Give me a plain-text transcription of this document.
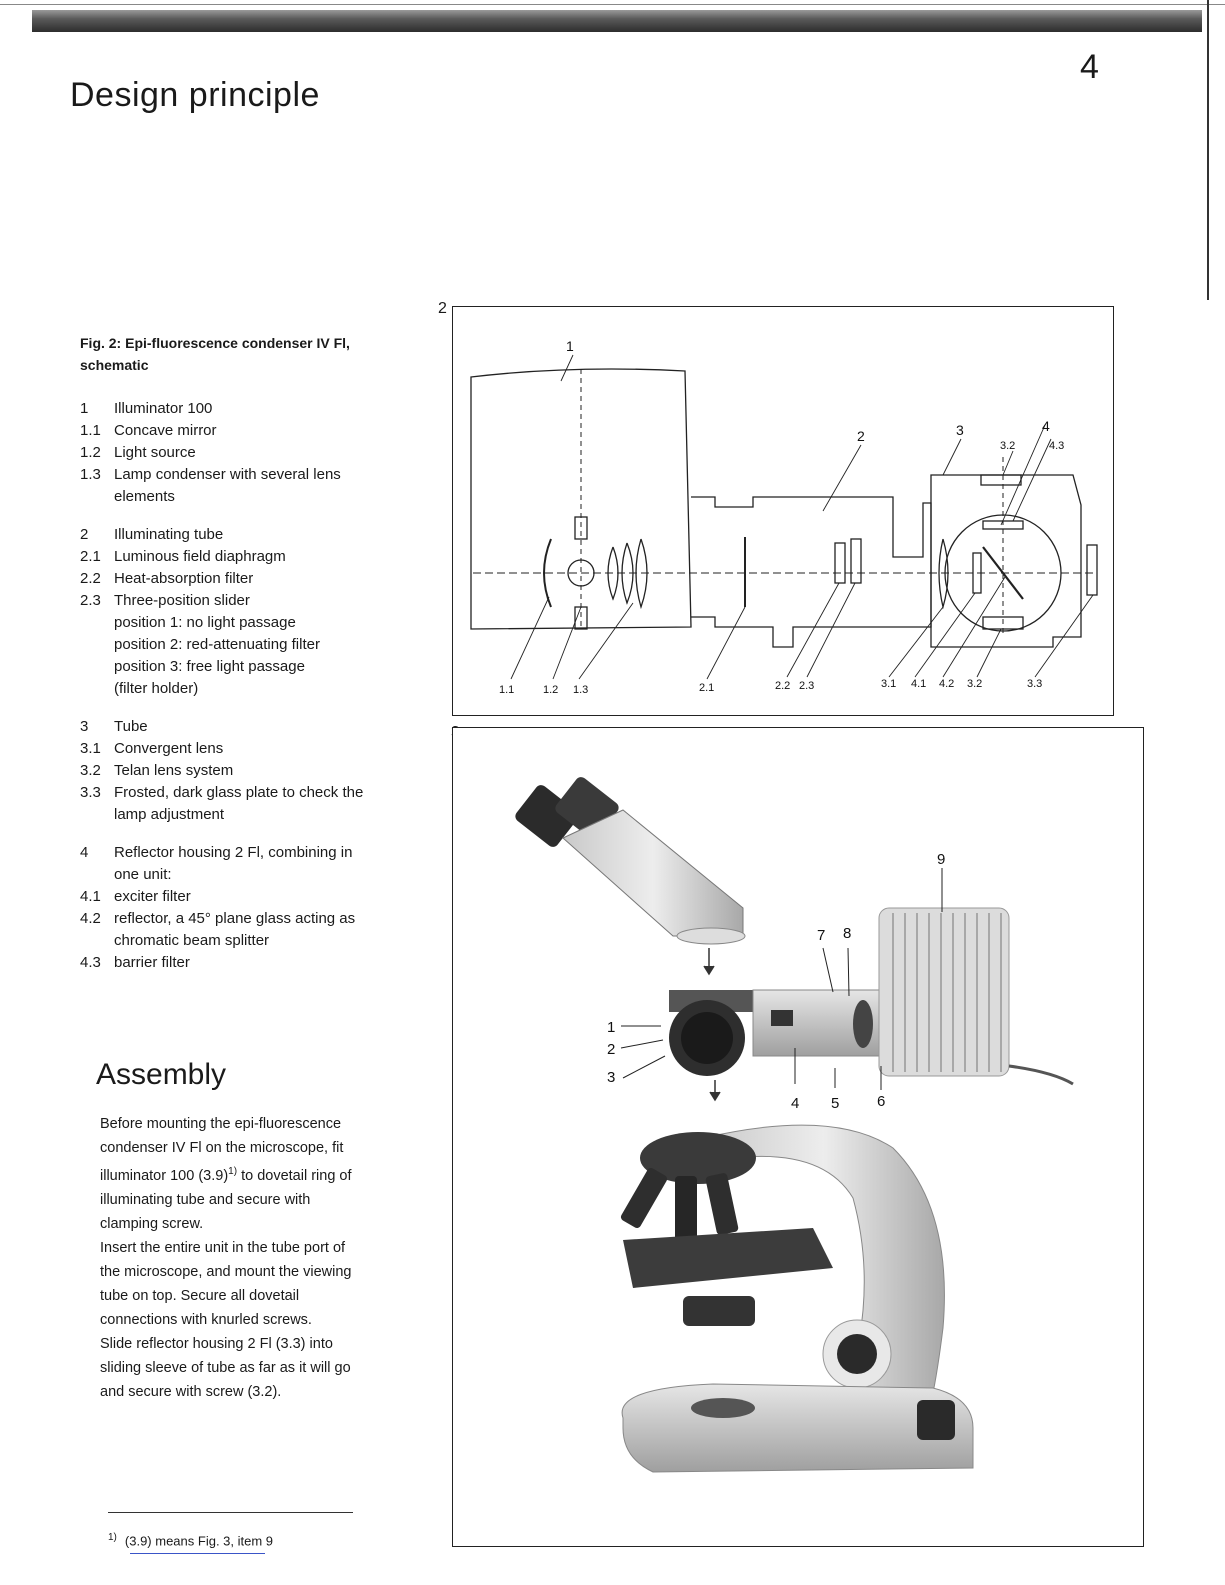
4
Design principle
Fig. 2: Epi-fluorescence condenser IV Fl,
schematic
1	Illuminator 100
1.1 Concave mirror
1.2 Light source
1.3 Lamp condenser with several lens
elements
2	Illuminating tube
2.1 Luminous field diaphragm
2.2 Heat-absorption filter
2.3 Three-position slider
position 1: no light passage
position 2: red-attenuating filter
position 3: free light passage
(filter holder)
3	Tube
3.1 Convergent lens
3.2 Telan lens system
3.3 Frosted, dark glass plate to check the
lamp adjustment
4	Reflector housing 2 Fl, combining in
one unit:
4.1 exciter filter
4.2 reflector, a 45° plane glass acting as
chromatic beam splitter
4.3 barrier filter
Assembly
Before mounting the epi-fluorescence
condenser IV Fl on the microscope, fit
illuminator 100 $(3.9)^{1)}$ to dovetail ring of
illuminating tube and secure with
clamping screw.
Insert the entire unit in the tube port of
the microscope, and mount the viewing
tube on top. Secure all dovetail
connections with knurled screws.
Slide reflector housing 2 Fl (3.3) into
sliding sleeve of tube as far as it will go
and secure with screw (3.2).
$^{1)}$ (3.9) means Fig. 3, item 9
2
1
2	3	4
3.2	4.3
1.1	1.2 1.3	2.1	2.2 2.3	3.1 4.1 4.2 3.2	3.3
1
2
3
4 5	6
7 8
9
